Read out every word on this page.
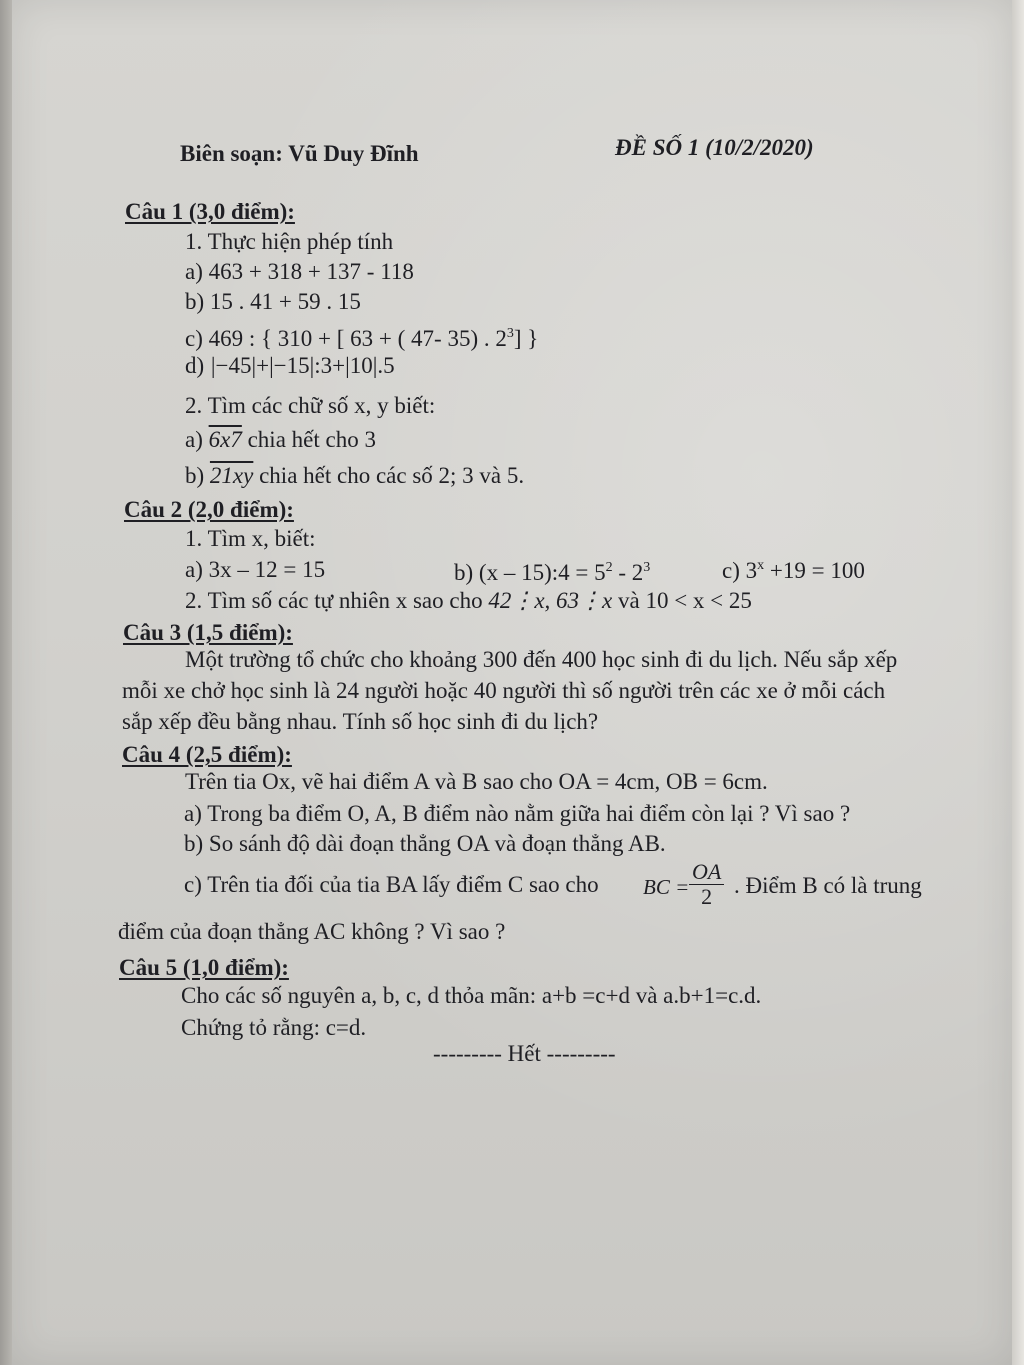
Biên soạn: Vũ Duy Đĩnh	ĐỀ SỐ 1 (10/2/2020)
Câu 1 (3,0 điểm):
1. Thực hiện phép tính
a) 463 + 318 + 137 - 118
b) 15 . 41 + 59 . 15
c) 469 : { 310 + [ 63 + ( 47- 35) . $2^3$] }
d) |−45|+|−15|:3+|10|.5
2. Tìm các chữ số x, y biết:
a) 6x7 chia hết cho 3
b) 21xy chia hết cho các số 2; 3 và 5.
Câu 2 (2,0 điểm):
1. Tìm x, biết:
a) 3x – 12 = 15	b) (x – 15):4 = $5^2 - 2^3$	c) $3^x +19 = 100$
2. Tìm số các tự nhiên x sao cho 42⋮x, 63⋮x và 10 < x < 25
Câu 3 (1,5 điểm):
Một trường tổ chức cho khoảng 300 đến 400 học sinh đi du lịch. Nếu sắp xếp
mỗi xe chở học sinh là 24 người hoặc 40 người thì số người trên các xe ở mỗi cách
sắp xếp đều bằng nhau. Tính số học sinh đi du lịch?
Câu 4 (2,5 điểm):
Trên tia Ox, vẽ hai điểm A và B sao cho OA = 4cm, OB = 6cm.
a) Trong ba điểm O, A, B điểm nào nằm giữa hai điểm còn lại ? Vì sao ?
b) So sánh độ dài đoạn thẳng OA và đoạn thẳng AB.
c) Trên tia đối của tia BA lấy điểm C sao cho BC = $\frac{OA}{2}$ . Điểm B có là trung
điểm của đoạn thẳng AC không ? Vì sao ?
Câu 5 (1,0 điểm):
Cho các số nguyên a, b, c, d thỏa mãn: a+b =c+d và a.b+1=c.d.
Chứng tỏ rằng: c=d.
--------- Hết ---------
